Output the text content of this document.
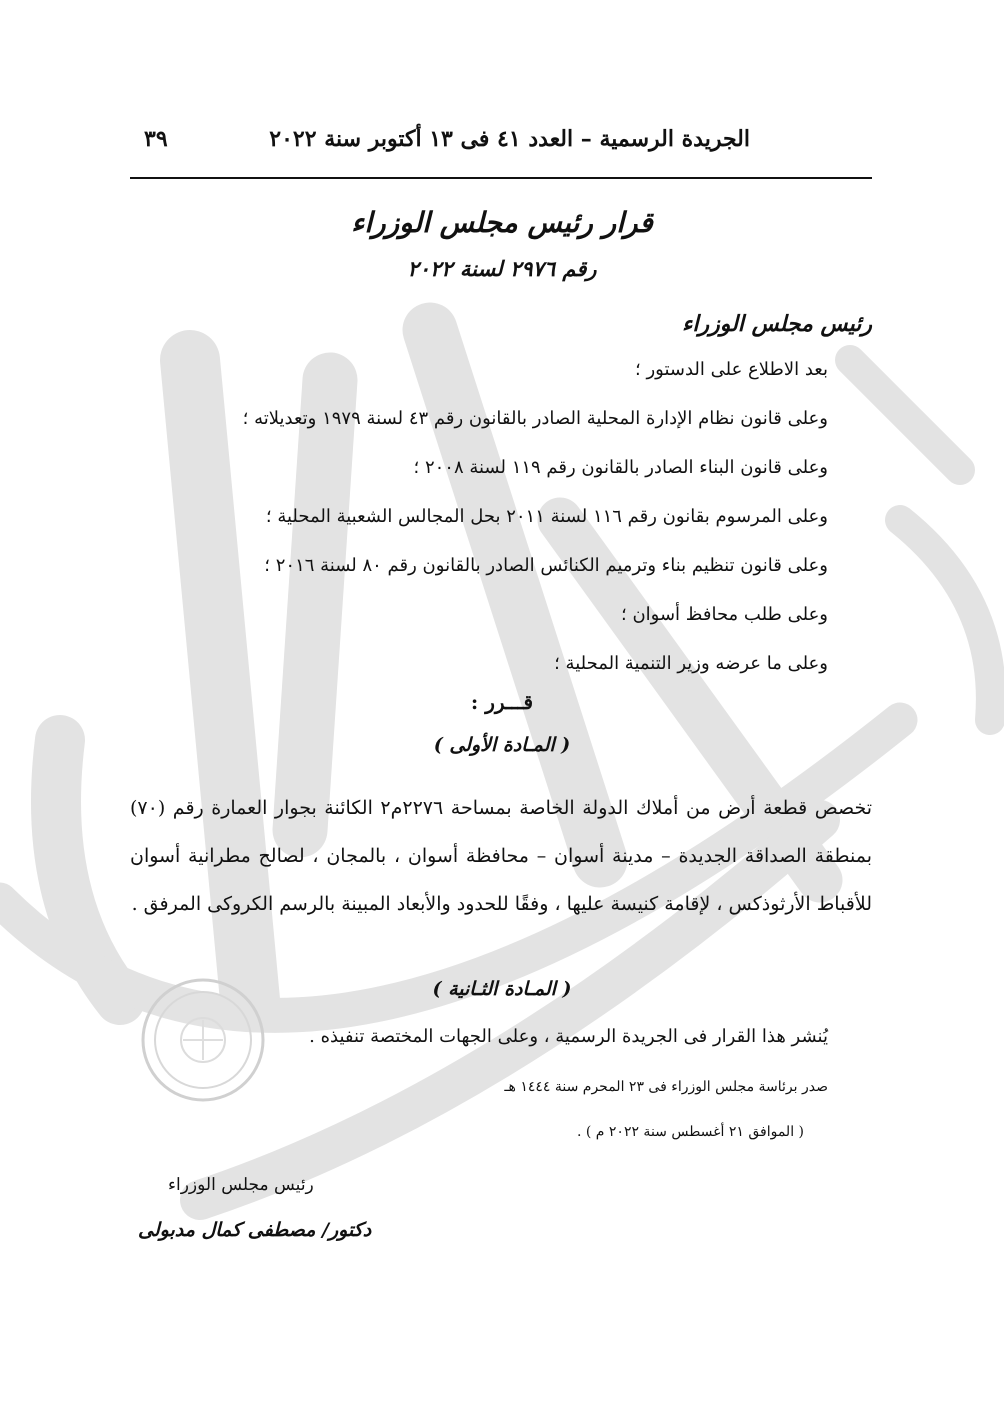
الجريدة الرسمية – العدد ٤١ فى ١٣ أكتوبر سنة ٢٠٢٢
٣٩
قرار رئيس مجلس الوزراء
رقم ٢٩٧٦ لسنة ٢٠٢٢
رئيس مجلس الوزراء
بعد الاطلاع على الدستور ؛
وعلى قانون نظام الإدارة المحلية الصادر بالقانون رقم ٤٣ لسنة ١٩٧٩ وتعديلاته ؛
وعلى قانون البناء الصادر بالقانون رقم ١١٩ لسنة ٢٠٠٨ ؛
وعلى المرسوم بقانون رقم ١١٦ لسنة ٢٠١١ بحل المجالس الشعبية المحلية ؛
وعلى قانون تنظيم بناء وترميم الكنائس الصادر بالقانون رقم ٨٠ لسنة ٢٠١٦ ؛
وعلى طلب محافظ أسوان ؛
وعلى ما عرضه وزير التنمية المحلية ؛
قـــرر :
( المـادة الأولى )
تخصص قطعة أرض من أملاك الدولة الخاصة بمساحة ٢٢٧٦م٢ الكائنة بجوار العمارة رقم (٧٠) بمنطقة الصداقة الجديدة – مدينة أسوان – محافظة أسوان ، بالمجان ، لصالح مطرانية أسوان للأقباط الأرثوذكس ، لإقامة كنيسة عليها ، وفقًا للحدود والأبعاد المبينة بالرسم الكروكى المرفق .
( المـادة الثـانية )
يُنشر هذا القرار فى الجريدة الرسمية ، وعلى الجهات المختصة تنفيذه .
صدر برئاسة مجلس الوزراء فى ٢٣ المحرم سنة ١٤٤٤ هـ
( الموافق ٢١ أغسطس سنة ٢٠٢٢ م ) .
رئيس مجلس الوزراء
دكتور/ مصطفى كمال مدبولى
